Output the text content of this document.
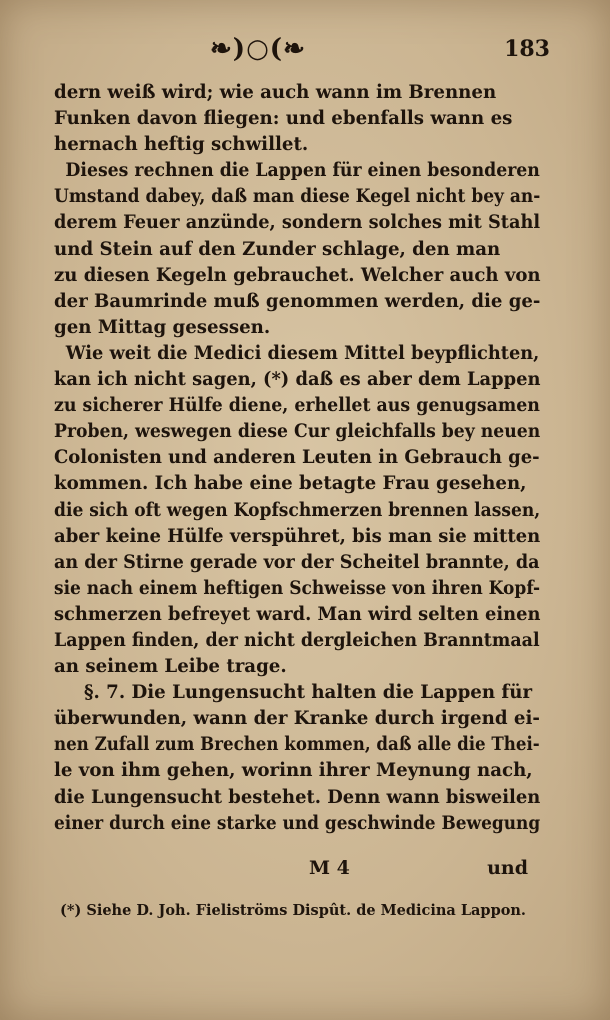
❧)○(❧	183
dern weiß wird; wie auch wann im Brennen
Funken davon fliegen: und ebenfalls wann es
hernach heftig schwillet.
Dieses rechnen die Lappen für einen besonderen
Umstand dabey, daß man diese Kegel nicht bey an-
derem Feuer anzünde, sondern solches mit Stahl
und Stein auf den Zunder schlage, den man
zu diesen Kegeln gebrauchet. Welcher auch von
der Baumrinde muß genommen werden, die ge-
gen Mittag gesessen.
Wie weit die Medici diesem Mittel beypflichten,
kan ich nicht sagen, (*) daß es aber dem Lappen
zu sicherer Hülfe diene, erhellet aus genugsamen
Proben, weswegen diese Cur gleichfalls bey neuen
Colonisten und anderen Leuten in Gebrauch ge-
kommen. Ich habe eine betagte Frau gesehen,
die sich oft wegen Kopfschmerzen brennen lassen,
aber keine Hülfe verspühret, bis man sie mitten
an der Stirne gerade vor der Scheitel brannte, da
sie nach einem heftigen Schweisse von ihren Kopf-
schmerzen befreyet ward. Man wird selten einen
Lappen finden, der nicht dergleichen Branntmaal
an seinem Leibe trage.
§. 7. Die Lungensucht halten die Lappen für
überwunden, wann der Kranke durch irgend ei-
nen Zufall zum Brechen kommen, daß alle die Thei-
le von ihm gehen, worinn ihrer Meynung nach,
die Lungensucht bestehet. Denn wann bisweilen
einer durch eine starke und geschwinde Bewegung
M 4	und
(*) Siehe D. Joh. Fieliströms Dispût. de Medicina Lappon.
